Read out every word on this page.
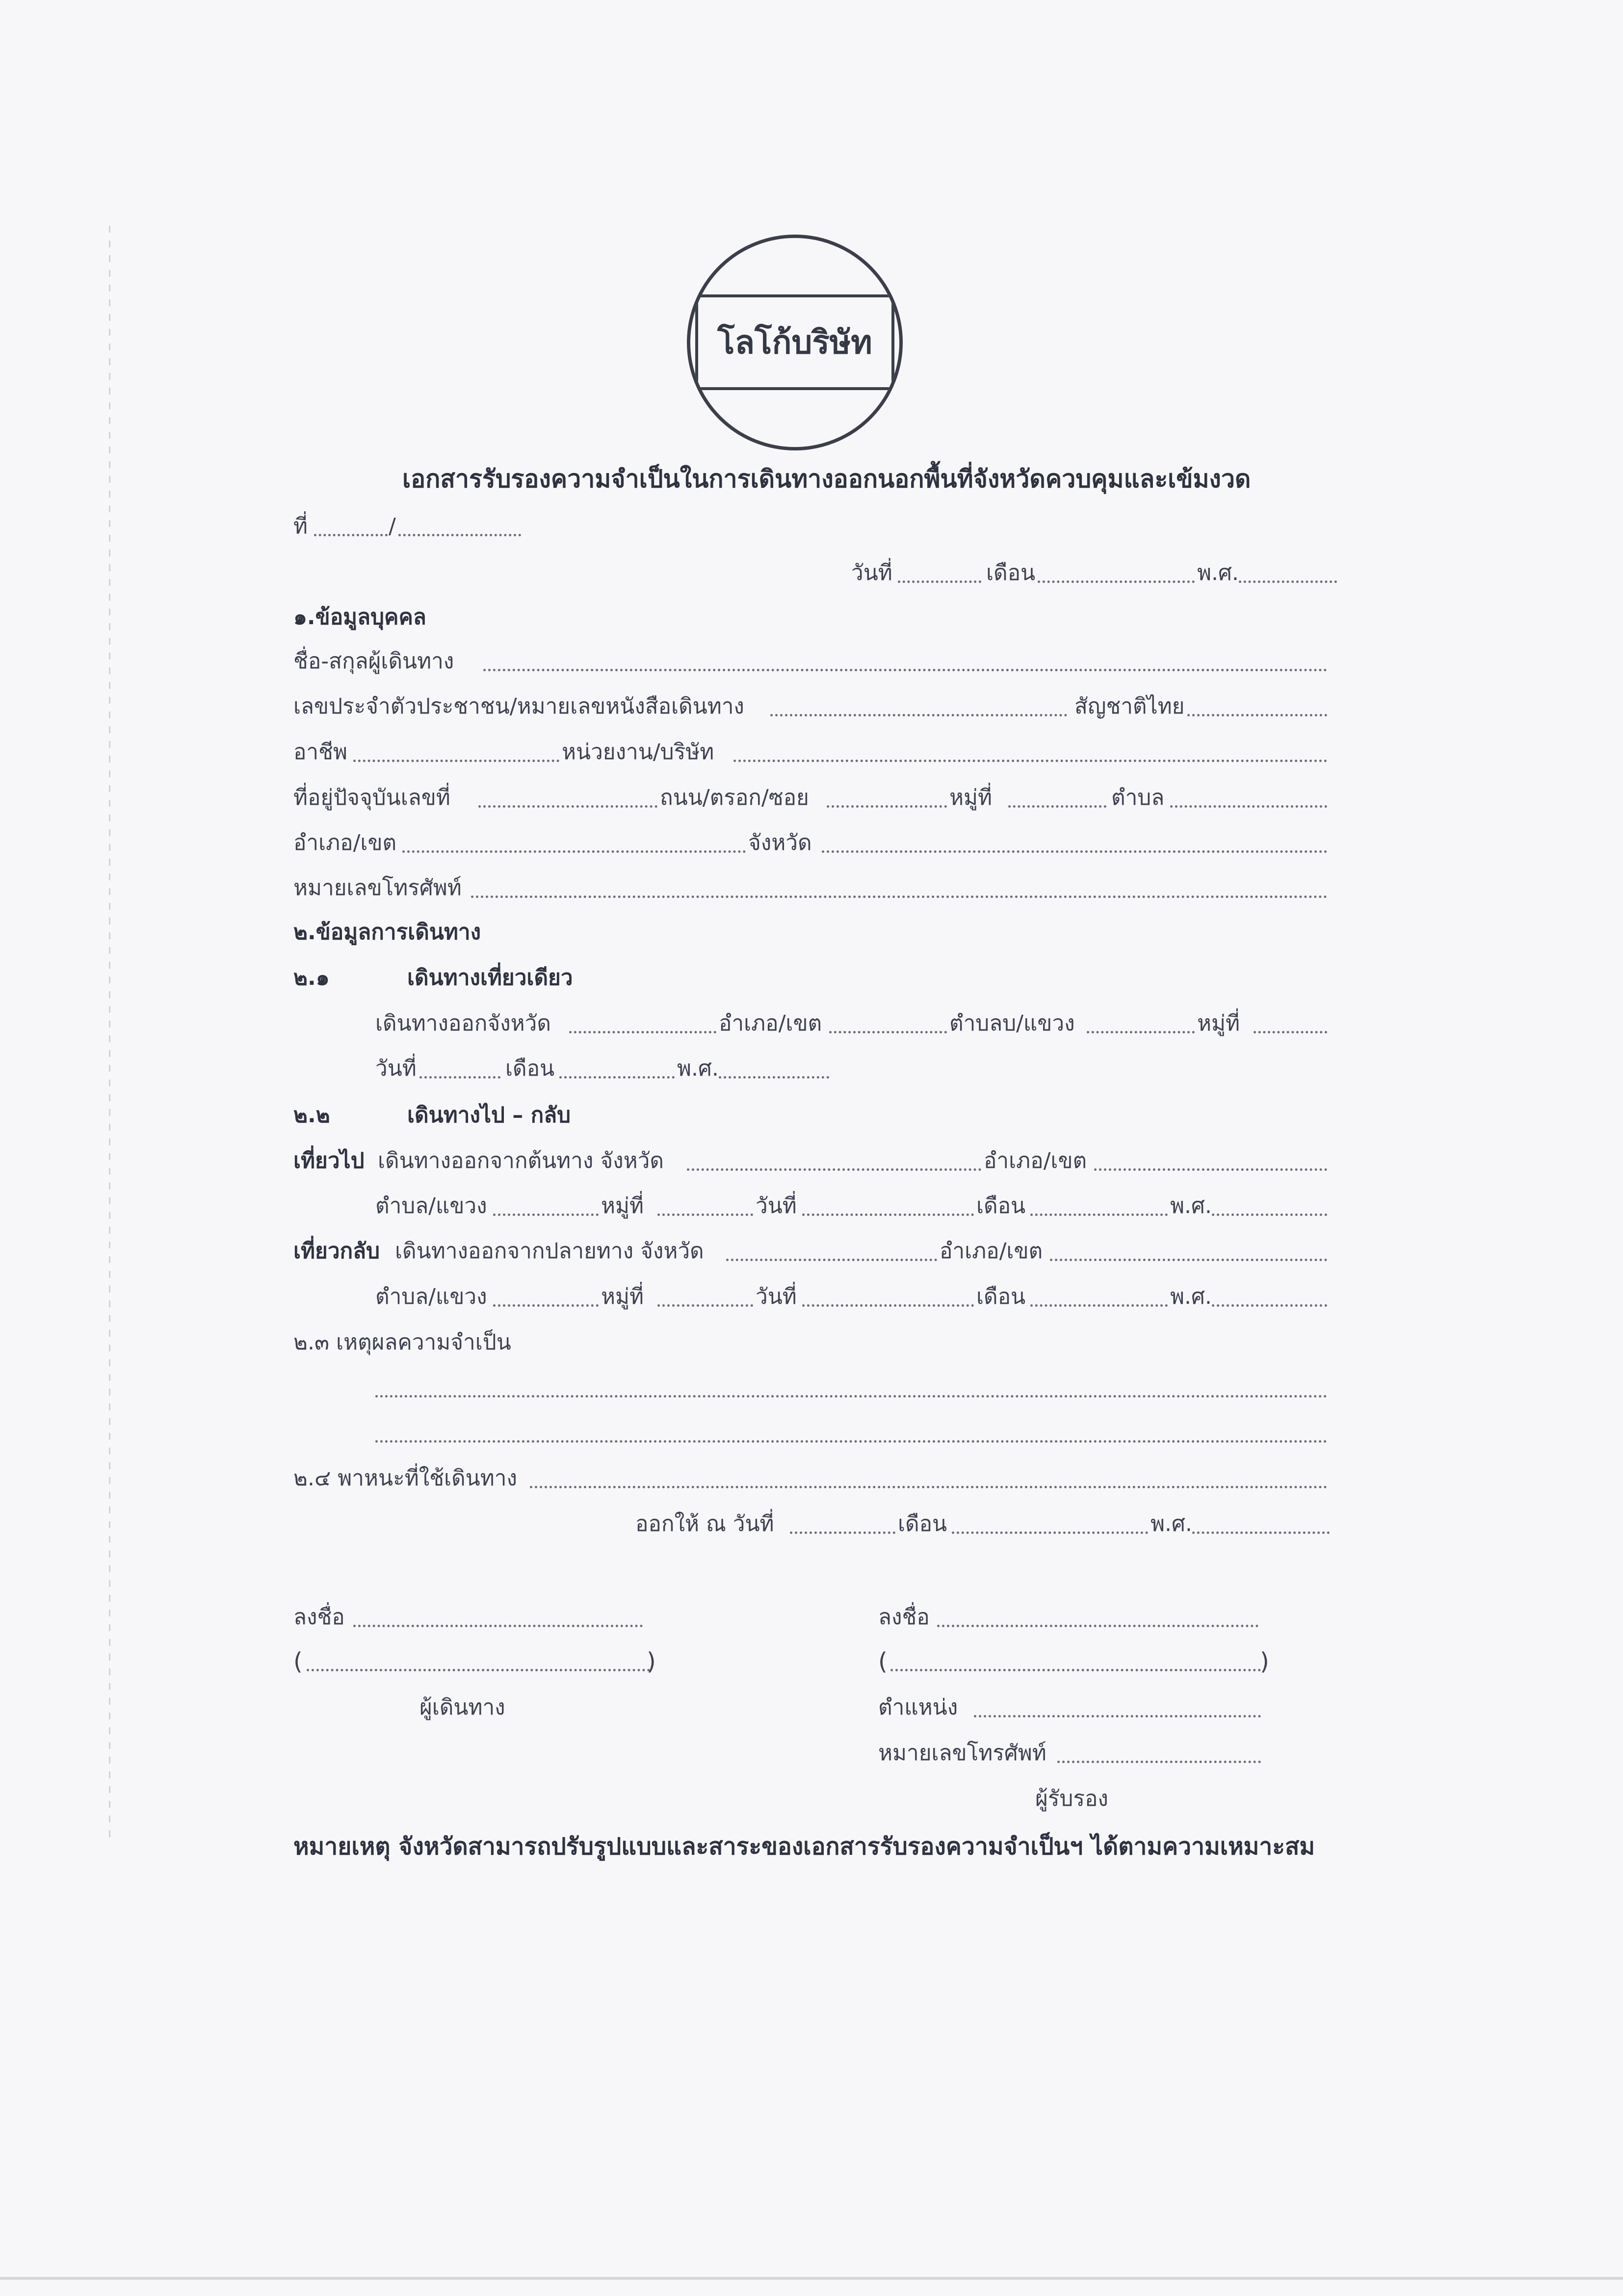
โลโก้บริษัท
เอกสารรับรองความจำเป็นในการเดินทางออกนอกพื้นที่จังหวัดควบคุมและเข้มงวด
ที่	/
วันที่	เดือน	พ.ศ.
๑.ข้อมูลบุคคล
ชื่อ-สกุลผู้เดินทาง
เลขประจำตัวประชาชน/หมายเลขหนังสือเดินทาง	สัญชาติไทย
อาชีพ	หน่วยงาน/บริษัท
ที่อยู่ปัจจุบันเลขที่	ถนน/ตรอก/ซอย	หมู่ที่	ตำบล
อำเภอ/เขต	จังหวัด
หมายเลขโทรศัพท์
๒.ข้อมูลการเดินทาง
๒.๑	เดินทางเที่ยวเดียว
เดินทางออกจังหวัด	อำเภอ/เขต	ตำบลบ/แขวง	หมู่ที่
วันที่	เดือน	พ.ศ.
๒.๒	เดินทางไป – กลับ
เที่ยวไป เดินทางออกจากต้นทาง จังหวัด	อำเภอ/เขต
ตำบล/แขวง	หมู่ที่	วันที่	เดือน	พ.ศ.
เที่ยวกลับ เดินทางออกจากปลายทาง จังหวัด	อำเภอ/เขต
ตำบล/แขวง	หมู่ที่	วันที่	เดือน	พ.ศ.
๒.๓ เหตุผลความจำเป็น
๒.๔ พาหนะที่ใช้เดินทาง
ออกให้ ณ วันที่	เดือน	พ.ศ.
ลงชื่อ
(	)
ผู้เดินทาง
ลงชื่อ
(	)
ตำแหน่ง
หมายเลขโทรศัพท์
ผู้รับรอง
หมายเหตุ จังหวัดสามารถปรับรูปแบบและสาระของเอกสารรับรองความจำเป็นฯ ได้ตามความเหมาะสม
